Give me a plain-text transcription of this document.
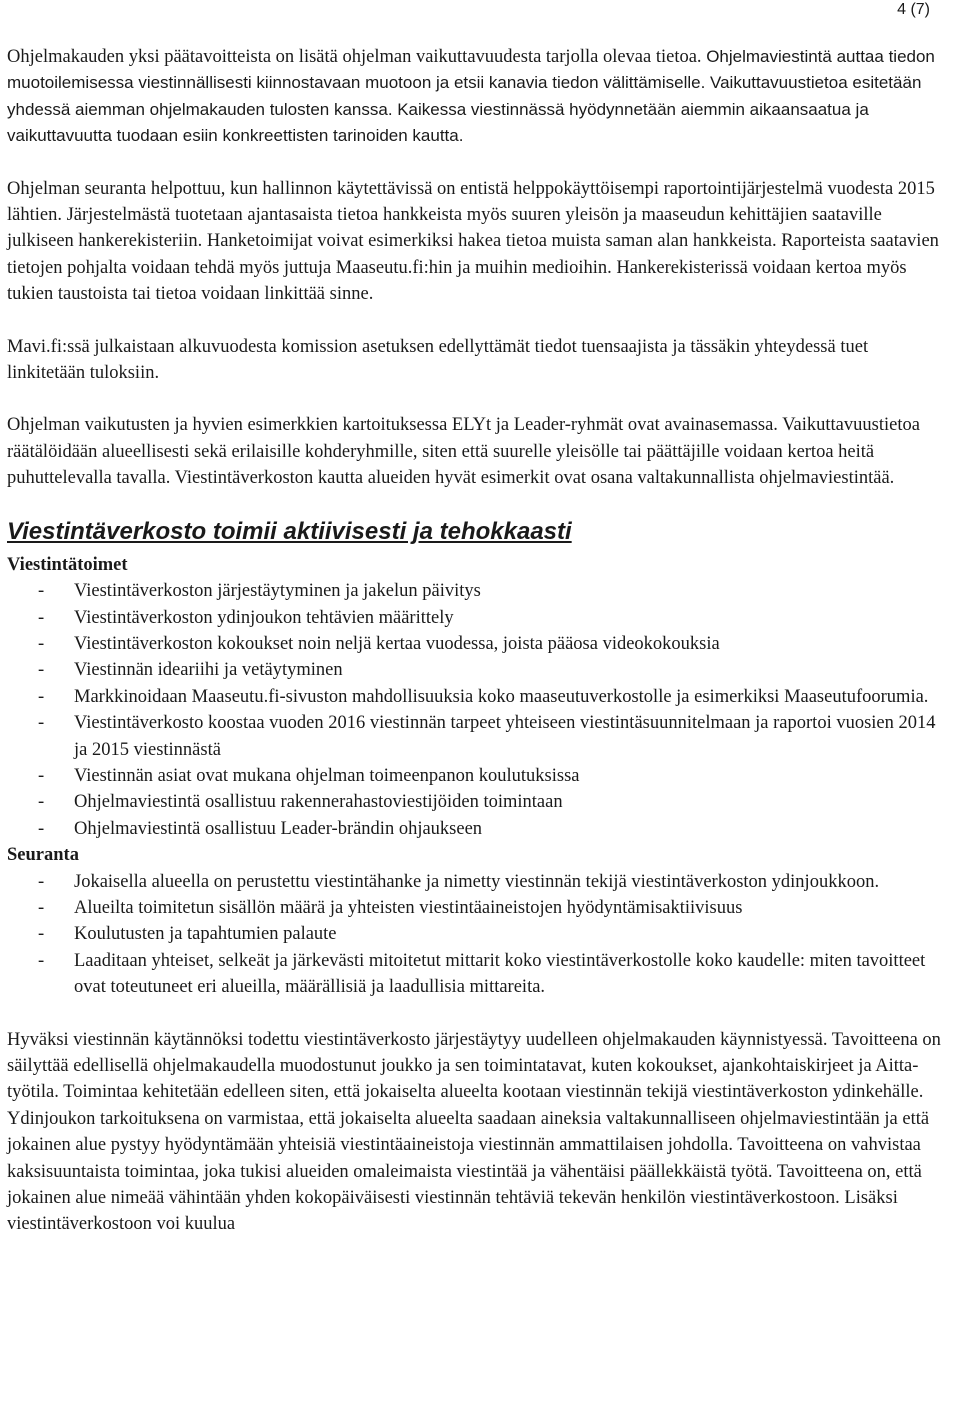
4 (7)

Ohjelmakauden yksi päätavoitteista on lisätä ohjelman vaikuttavuudesta tarjolla olevaa tietoa. Ohjelmaviestintä auttaa tiedon muotoilemisessa viestinnällisesti kiinnostavaan muotoon ja etsii kanavia tiedon välittämiselle. Vaikuttavuustietoa esitetään yhdessä aiemman ohjelmakauden tulosten kanssa. Kaikessa viestinnässä hyödynnetään aiemmin aikaansaatua ja vaikuttavuutta tuodaan esiin konkreettisten tarinoiden kautta.

Ohjelman seuranta helpottuu, kun hallinnon käytettävissä on entistä helppokäyttöisempi raportointijärjestelmä vuodesta 2015 lähtien. Järjestelmästä tuotetaan ajantasaista tietoa hankkeista myös suuren yleisön ja maaseudun kehittäjien saataville julkiseen hankerekisteriin. Hanketoimijat voivat esimerkiksi hakea tietoa muista saman alan hankkeista. Raporteista saatavien tietojen pohjalta voidaan tehdä myös juttuja Maaseutu.fi:hin ja muihin medioihin. Hankerekisterissä voidaan kertoa myös tukien taustoista tai tietoa voidaan linkittää sinne.

Mavi.fi:ssä julkaistaan alkuvuodesta komission asetuksen edellyttämät tiedot tuensaajista ja tässäkin yhteydessä tuet linkitetään tuloksiin.

Ohjelman vaikutusten ja hyvien esimerkkien kartoituksessa ELYt ja Leader-ryhmät ovat avainasemassa. Vaikuttavuustietoa räätälöidään alueellisesti sekä erilaisille kohderyhmille, siten että suurelle yleisölle tai päättäjille voidaan kertoa heitä puhuttelevalla tavalla. Viestintäverkoston kautta alueiden hyvät esimerkit ovat osana valtakunnallista ohjelmaviestintää.

Viestintäverkosto toimii aktiivisesti ja tehokkaasti

Viestintätoimet

- Viestintäverkoston järjestäytyminen ja jakelun päivitys
- Viestintäverkoston ydinjoukon tehtävien määrittely
- Viestintäverkoston kokoukset noin neljä kertaa vuodessa, joista pääosa videokokouksia
- Viestinnän ideariihi ja vetäytyminen
- Markkinoidaan Maaseutu.fi-sivuston mahdollisuuksia koko maaseutuverkostolle ja esimerkiksi Maaseutufoorumia.
- Viestintäverkosto koostaa vuoden 2016 viestinnän tarpeet yhteiseen viestintäsuunnitelmaan ja raportoi vuosien 2014 ja 2015 viestinnästä
- Viestinnän asiat ovat mukana ohjelman toimeenpanon koulutuksissa
- Ohjelmaviestintä osallistuu rakennerahastoviestijöiden toimintaan
- Ohjelmaviestintä osallistuu Leader-brändin ohjaukseen

Seuranta

- Jokaisella alueella on perustettu viestintähanke ja nimetty viestinnän tekijä viestintäverkoston ydinjoukkoon.
- Alueilta toimitetun sisällön määrä ja yhteisten viestintäaineistojen hyödyntämisaktiivisuus
- Koulutusten ja tapahtumien palaute
- Laaditaan yhteiset, selkeät ja järkevästi mitoitetut mittarit koko viestintäverkostolle koko kaudelle: miten tavoitteet ovat toteutuneet eri alueilla, määrällisiä ja laadullisia mittareita.

Hyväksi viestinnän käytännöksi todettu viestintäverkosto järjestäytyy uudelleen ohjelmakauden käynnistyessä. Tavoitteena on säilyttää edellisellä ohjelmakaudella muodostunut joukko ja sen toimintatavat, kuten kokoukset, ajankohtaiskirjeet ja Aitta-työtila. Toimintaa kehitetään edelleen siten, että jokaiselta alueelta kootaan viestinnän tekijä viestintäverkoston ydinkehälle. Ydinjoukon tarkoituksena on varmistaa, että jokaiselta alueelta saadaan aineksia valtakunnalliseen ohjelmaviestintään ja että jokainen alue pystyy hyödyntämään yhteisiä viestintäaineistoja viestinnän ammattilaisen johdolla. Tavoitteena on vahvistaa kaksisuuntaista toimintaa, joka tukisi alueiden omaleimaista viestintää ja vähentäisi päällekkäistä työtä. Tavoitteena on, että jokainen alue nimeää vähintään yhden kokopäiväisesti viestinnän tehtäviä tekevän henkilön viestintäverkostoon. Lisäksi viestintäverkostoon voi kuulua
